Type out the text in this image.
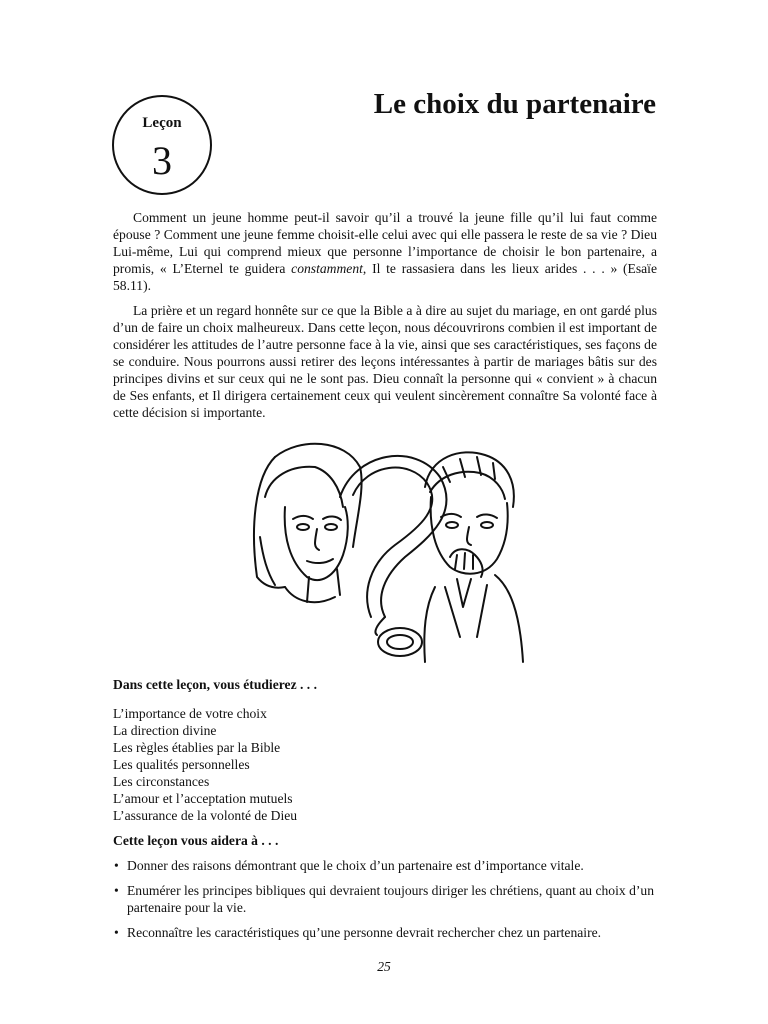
Leçon
3
Le choix du partenaire

Comment un jeune homme peut-il savoir qu’il a trouvé la jeune fille qu’il lui faut comme épouse ? Comment une jeune femme choisit-elle celui avec qui elle passera le reste de sa vie ? Dieu Lui-même, Lui qui comprend mieux que personne l’importance de choisir le bon partenaire, a promis, « L’Eternel te guidera constamment, Il te rassasiera dans les lieux arides . . . » (Esaïe 58.11).

La prière et un regard honnête sur ce que la Bible a à dire au sujet du mariage, en ont gardé plus d’un de faire un choix malheureux. Dans cette leçon, nous découvrirons combien il est important de considérer les attitudes de l’autre personne face à la vie, ainsi que ses caractéristiques, ses façons de se conduire. Nous pourrons aussi retirer des leçons intéressantes à partir de mariages bâtis sur des principes divins et sur ceux qui ne le sont pas. Dieu connaît la personne qui « convient » à chacun de Ses enfants, et Il dirigera certainement ceux qui veulent sincèrement connaître Sa volonté face à cette décision si importante.

Dans cette leçon, vous étudierez . . .
L’importance de votre choix
La direction divine
Les règles établies par la Bible
Les qualités personnelles
Les circonstances
L’amour et l’acceptation mutuels
L’assurance de la volonté de Dieu
Cette leçon vous aidera à . . .
• Donner des raisons démontrant que le choix d’un partenaire est d’importance vitale.
• Enumérer les principes bibliques qui devraient toujours diriger les chrétiens, quant au choix d’un partenaire pour la vie.
• Reconnaître les caractéristiques qu’une personne devrait rechercher chez un partenaire.
25
